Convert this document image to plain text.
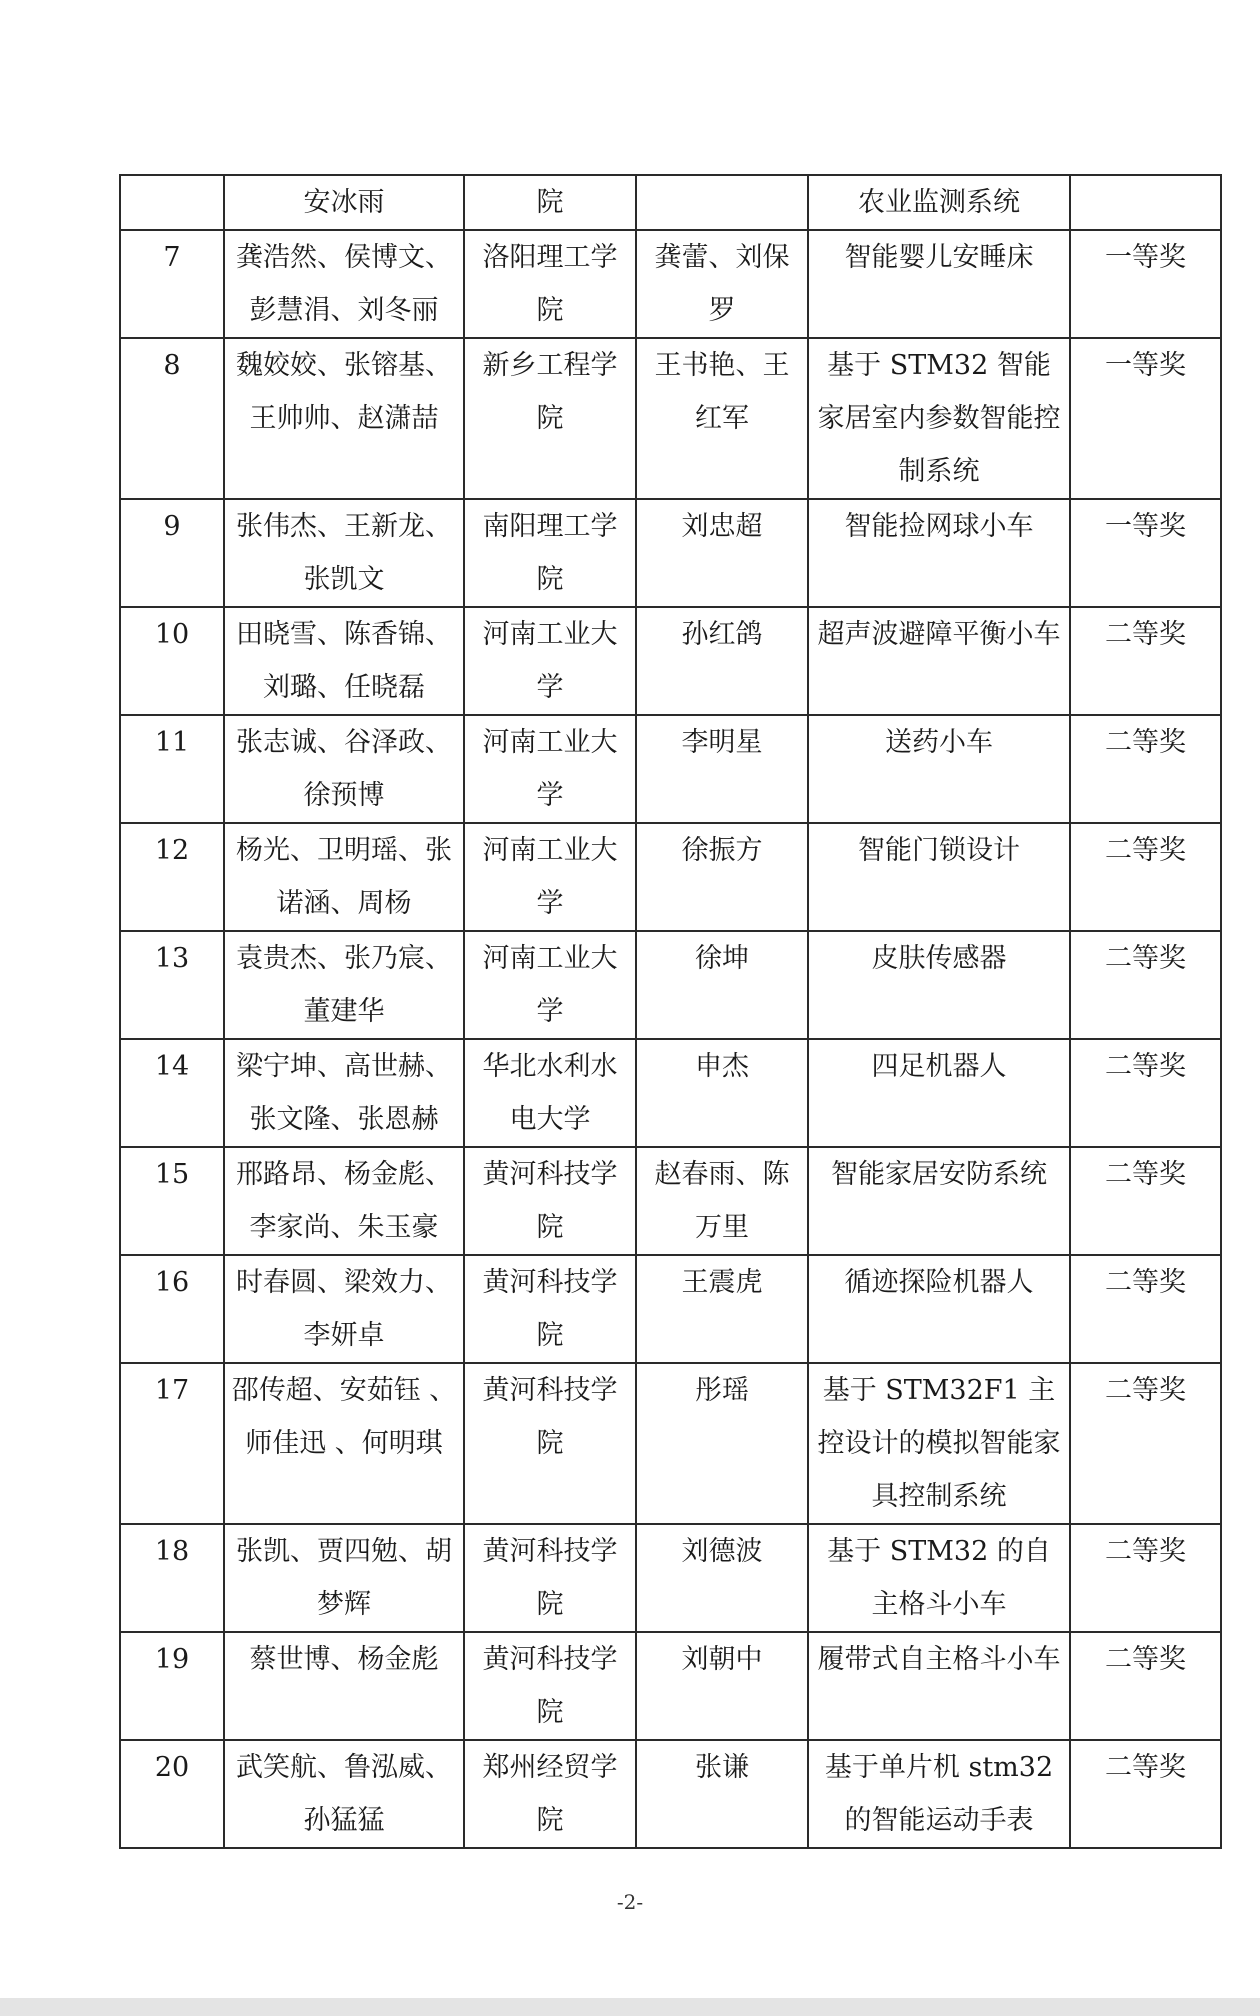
	安冰雨	院		农业监测系统	
7	龚浩然、侯博文、彭慧涓、刘冬丽	洛阳理工学院	龚蕾、刘保罗	智能婴儿安睡床	一等奖
8	魏姣姣、张镕基、王帅帅、赵潇喆	新乡工程学院	王书艳、王红军	基于 STM32 智能家居室内参数智能控制系统	一等奖
9	张伟杰、王新龙、张凯文	南阳理工学院	刘忠超	智能捡网球小车	一等奖
10	田晓雪、陈香锦、刘璐、任晓磊	河南工业大学	孙红鸽	超声波避障平衡小车	二等奖
11	张志诚、谷泽政、徐预博	河南工业大学	李明星	送药小车	二等奖
12	杨光、卫明瑶、张诺涵、周杨	河南工业大学	徐振方	智能门锁设计	二等奖
13	袁贵杰、张乃宸、董建华	河南工业大学	徐坤	皮肤传感器	二等奖
14	梁宁坤、高世赫、张文隆、张恩赫	华北水利水电大学	申杰	四足机器人	二等奖
15	邢路昂、杨金彪、李家尚、朱玉豪	黄河科技学院	赵春雨、陈万里	智能家居安防系统	二等奖
16	时春圆、梁效力、李妍卓	黄河科技学院	王震虎	循迹探险机器人	二等奖
17	邵传超、安茹钰 、师佳迅 、何明琪	黄河科技学院	彤瑶	基于 STM32F1 主控设计的模拟智能家具控制系统	二等奖
18	张凯、贾四勉、胡梦辉	黄河科技学院	刘德波	基于 STM32 的自主格斗小车	二等奖
19	蔡世博、杨金彪	黄河科技学院	刘朝中	履带式自主格斗小车	二等奖
20	武笑航、鲁泓威、孙猛猛	郑州经贸学院	张谦	基于单片机 stm32 的智能运动手表	二等奖
-2-
